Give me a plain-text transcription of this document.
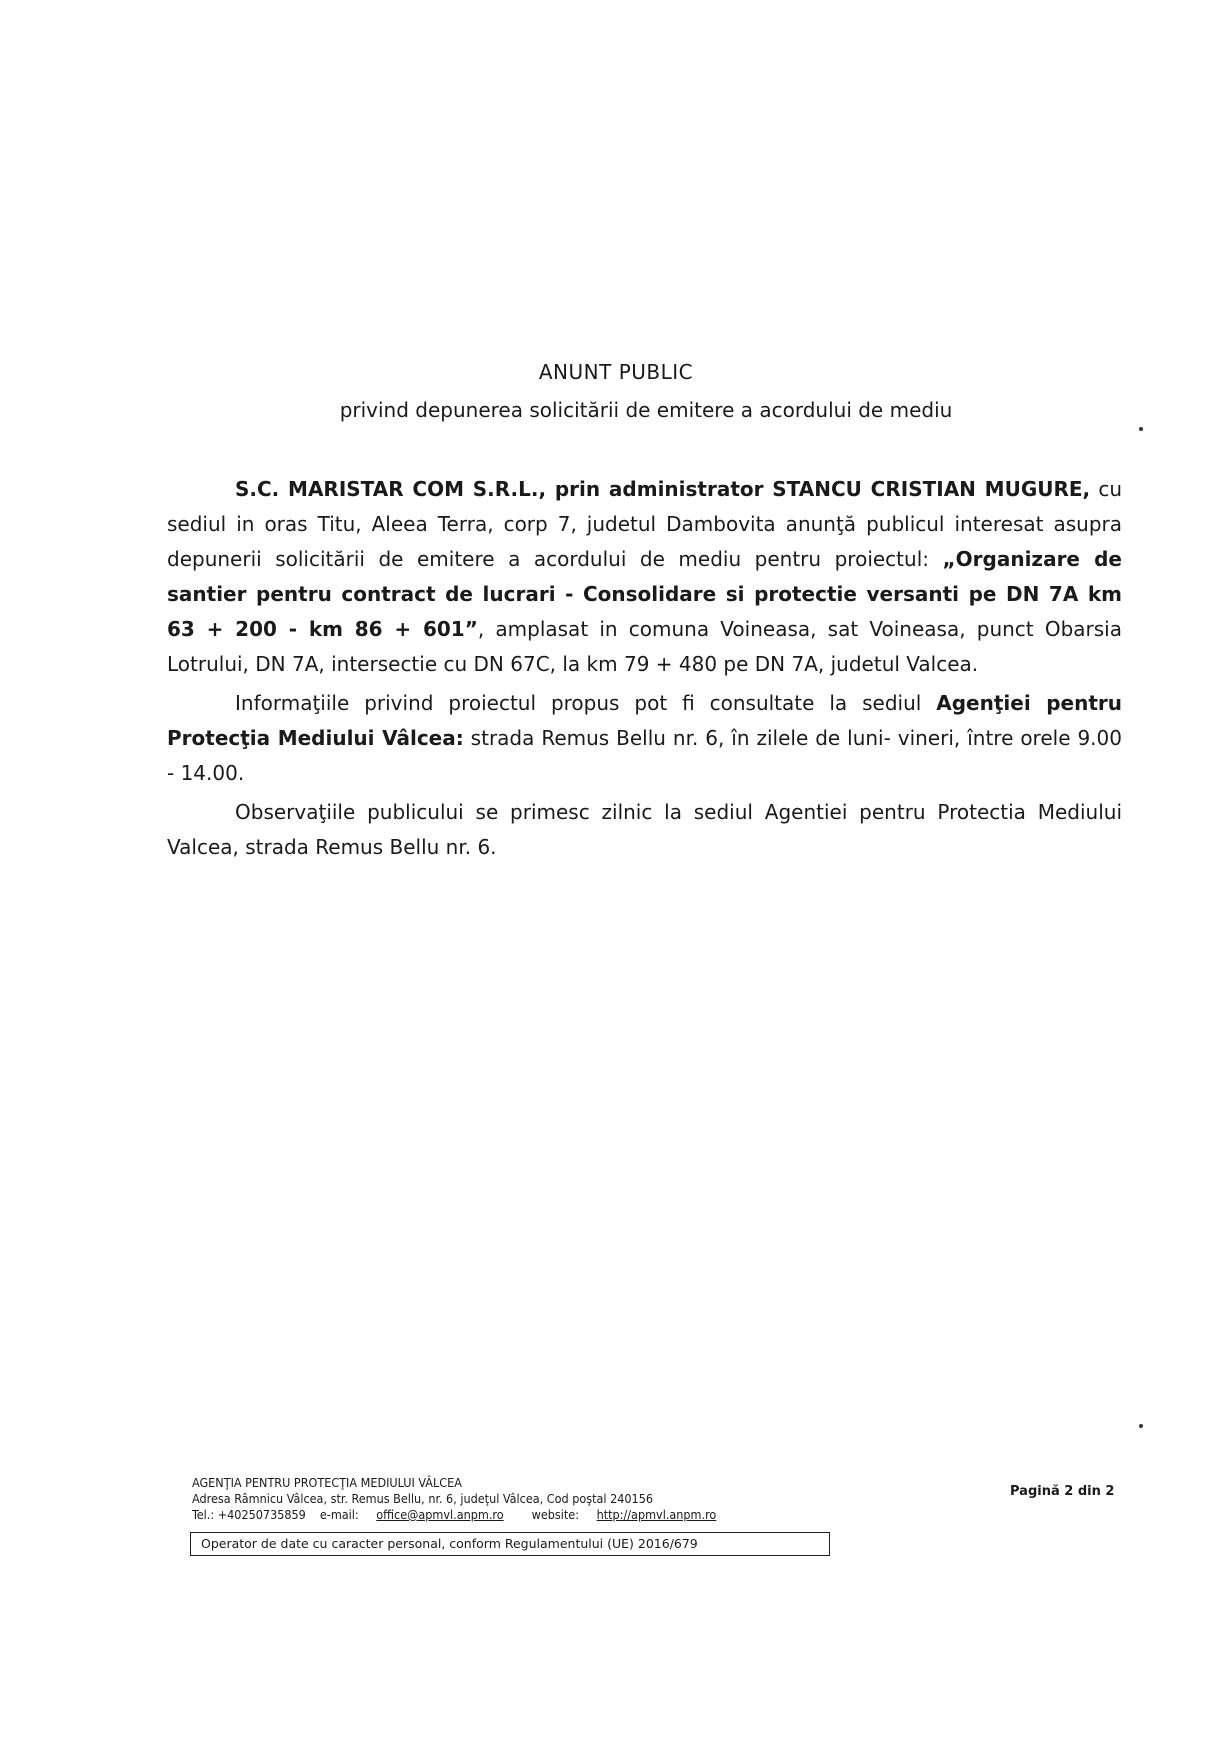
ANUNT PUBLIC
privind depunerea solicitării de emitere a acordului de mediu

S.C. MARISTAR COM S.R.L., prin administrator STANCU CRISTIAN MUGURE, cu sediul in oras Titu, Aleea Terra, corp 7, judetul Dambovita anunţă publicul interesat asupra depunerii solicitării de emitere a acordului de mediu pentru proiectul: „Organizare de santier pentru contract de lucrari - Consolidare si protectie versanti pe DN 7A km 63 + 200 - km 86 + 601”, amplasat in comuna Voineasa, sat Voineasa, punct Obarsia Lotrului, DN 7A, intersectie cu DN 67C, la km 79 + 480 pe DN 7A, judetul Valcea.

Informaţiile privind proiectul propus pot fi consultate la sediul Agenţiei pentru Protecţia Mediului Vâlcea: strada Remus Bellu nr. 6, în zilele de luni- vineri, între orele 9.00 - 14.00.

Observaţiile publicului se primesc zilnic la sediul Agentiei pentru Protectia Mediului Valcea, strada Remus Bellu nr. 6.

AGENŢIA PENTRU PROTECŢIA MEDIULUI VÂLCEA
Adresa Râmnicu Vâlcea, str. Remus Bellu, nr. 6, judeţul Vâlcea, Cod poştal 240156
Tel.: +40250735859 e-mail: office@apmvl.anpm.ro website: http://apmvl.anpm.ro
Operator de date cu caracter personal, conform Regulamentului (UE) 2016/679
Pagină 2 din 2
